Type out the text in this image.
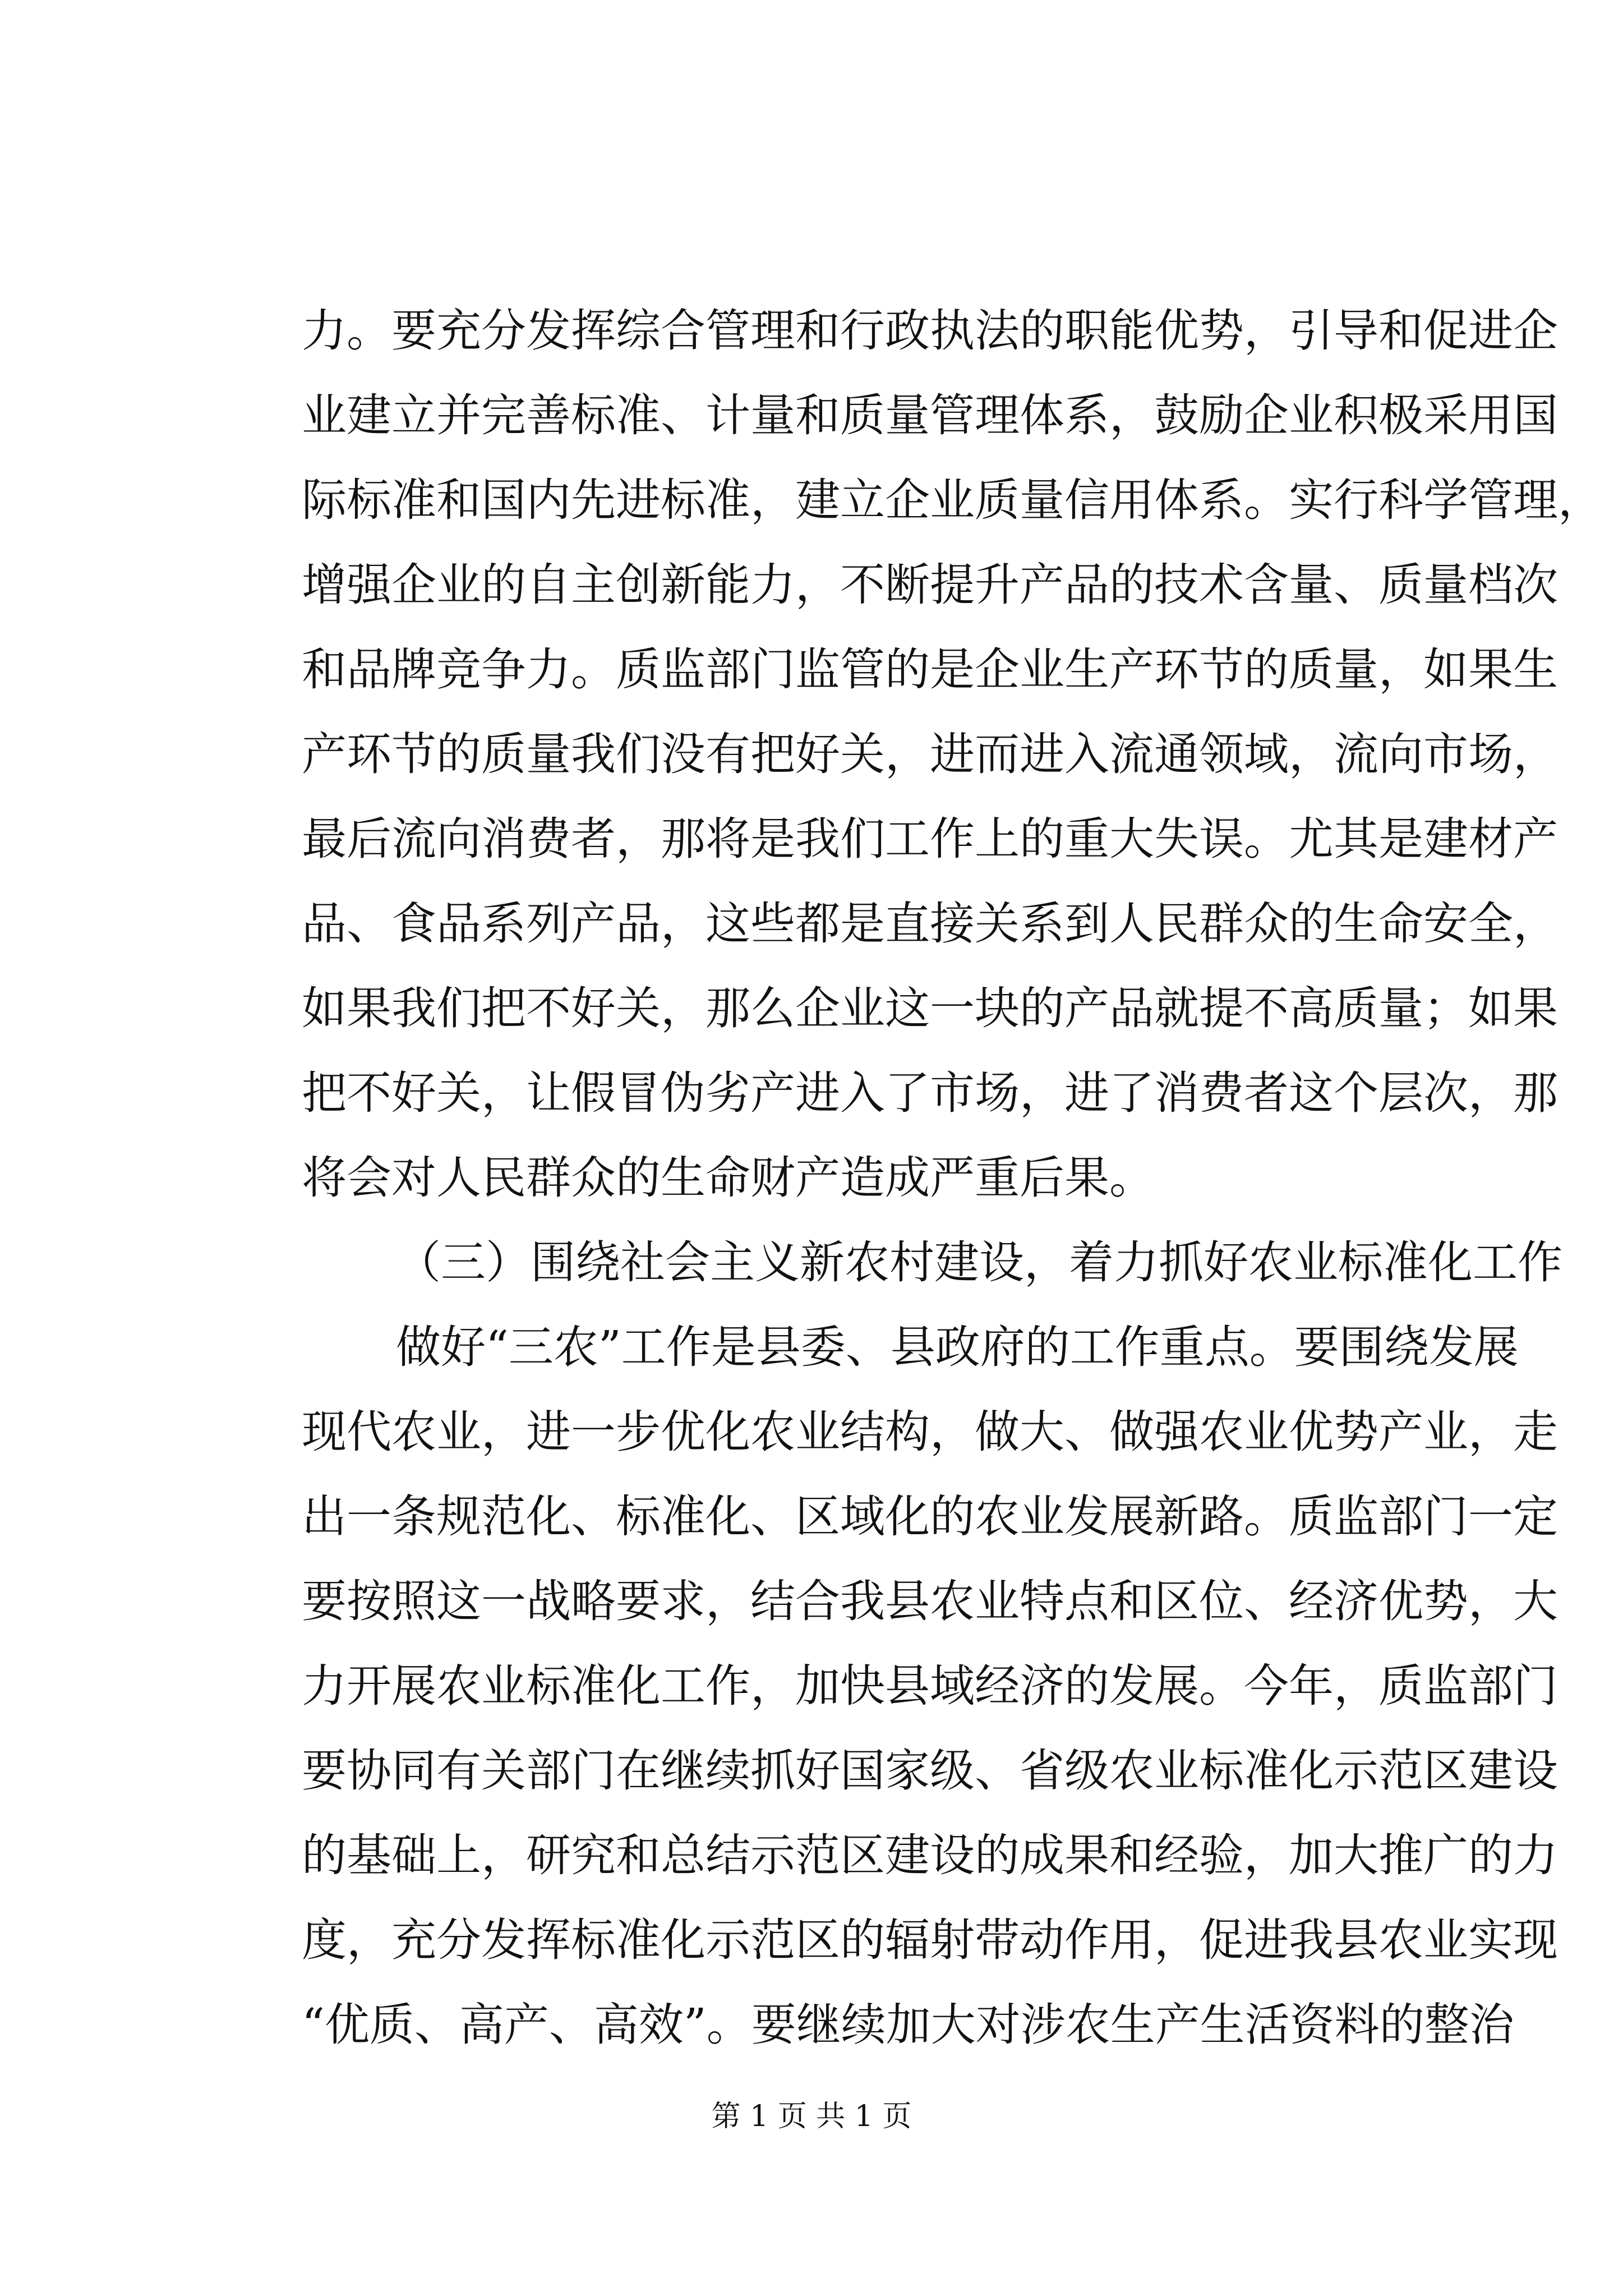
力。要充分发挥综合管理和行政执法的职能优势，引导和促进企
业建立并完善标准、计量和质量管理体系，鼓励企业积极采用国
际标准和国内先进标准，建立企业质量信用体系。实行科学管理，
增强企业的自主创新能力，不断提升产品的技术含量、质量档次
和品牌竞争力。质监部门监管的是企业生产环节的质量，如果生
产环节的质量我们没有把好关，进而进入流通领域，流向市场，
最后流向消费者，那将是我们工作上的重大失误。尤其是建材产
品、食品系列产品，这些都是直接关系到人民群众的生命安全，
如果我们把不好关，那么企业这一块的产品就提不高质量；如果
把不好关，让假冒伪劣产进入了市场，进了消费者这个层次，那
将会对人民群众的生命财产造成严重后果。
（三）围绕社会主义新农村建设，着力抓好农业标准化工作
做好“三农”工作是县委、县政府的工作重点。要围绕发展
现代农业，进一步优化农业结构，做大、做强农业优势产业，走
出一条规范化、标准化、区域化的农业发展新路。质监部门一定
要按照这一战略要求，结合我县农业特点和区位、经济优势，大
力开展农业标准化工作，加快县域经济的发展。今年，质监部门
要协同有关部门在继续抓好国家级、省级农业标准化示范区建设
的基础上，研究和总结示范区建设的成果和经验，加大推广的力
度，充分发挥标准化示范区的辐射带动作用，促进我县农业实现
“优质、高产、高效”。要继续加大对涉农生产生活资料的整治
第 1 页 共 1 页
